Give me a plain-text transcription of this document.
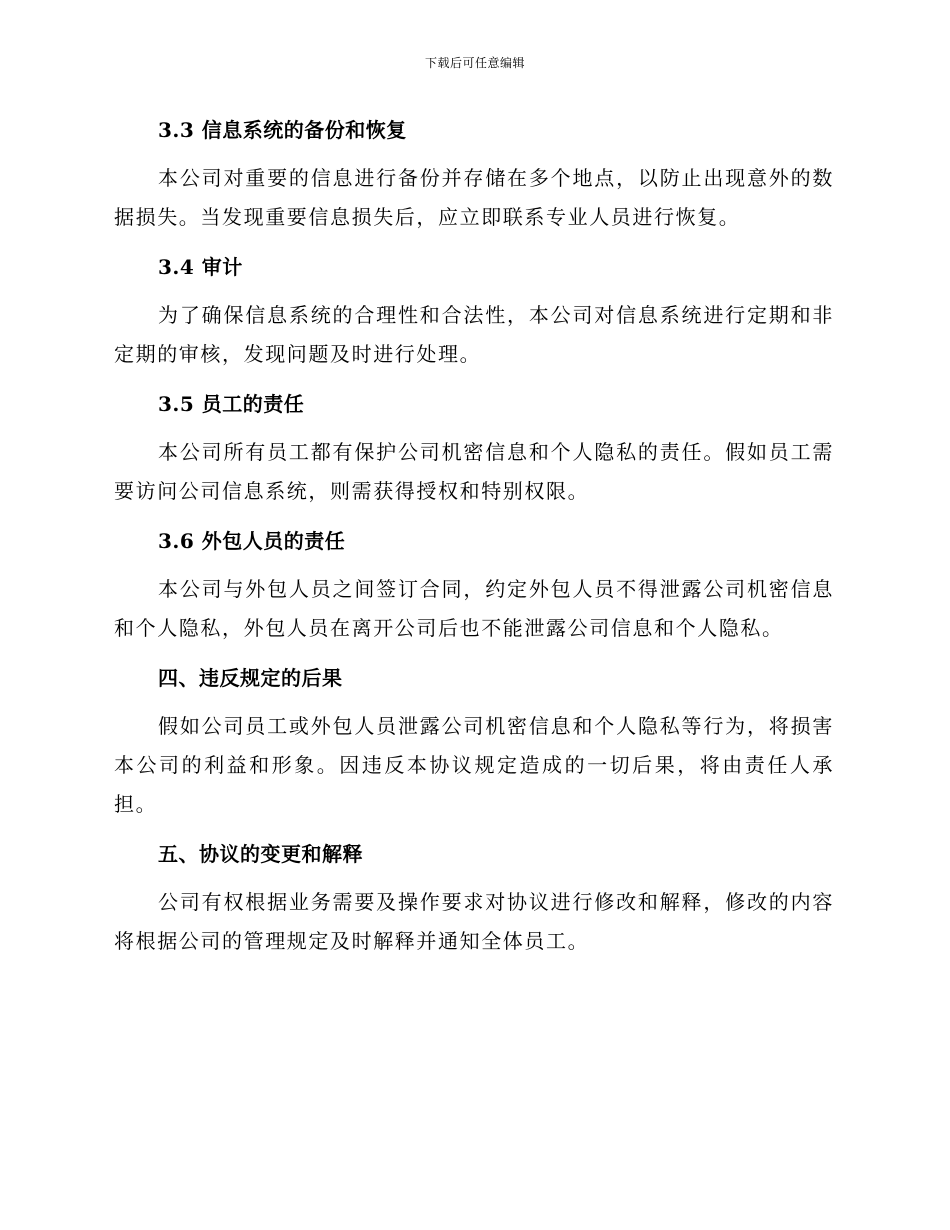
下载后可任意编辑
3.3 信息系统的备份和恢复

本公司对重要的信息进行备份并存储在多个地点，以防止出现意外的数据损失。当发现重要信息损失后，应立即联系专业人员进行恢复。

3.4 审计

为了确保信息系统的合理性和合法性，本公司对信息系统进行定期和非定期的审核，发现问题及时进行处理。

3.5 员工的责任

本公司所有员工都有保护公司机密信息和个人隐私的责任。假如员工需要访问公司信息系统，则需获得授权和特别权限。

3.6 外包人员的责任

本公司与外包人员之间签订合同，约定外包人员不得泄露公司机密信息和个人隐私，外包人员在离开公司后也不能泄露公司信息和个人隐私。

四、违反规定的后果

假如公司员工或外包人员泄露公司机密信息和个人隐私等行为，将损害本公司的利益和形象。因违反本协议规定造成的一切后果，将由责任人承担。

五、协议的变更和解释

公司有权根据业务需要及操作要求对协议进行修改和解释，修改的内容将根据公司的管理规定及时解释并通知全体员工。
